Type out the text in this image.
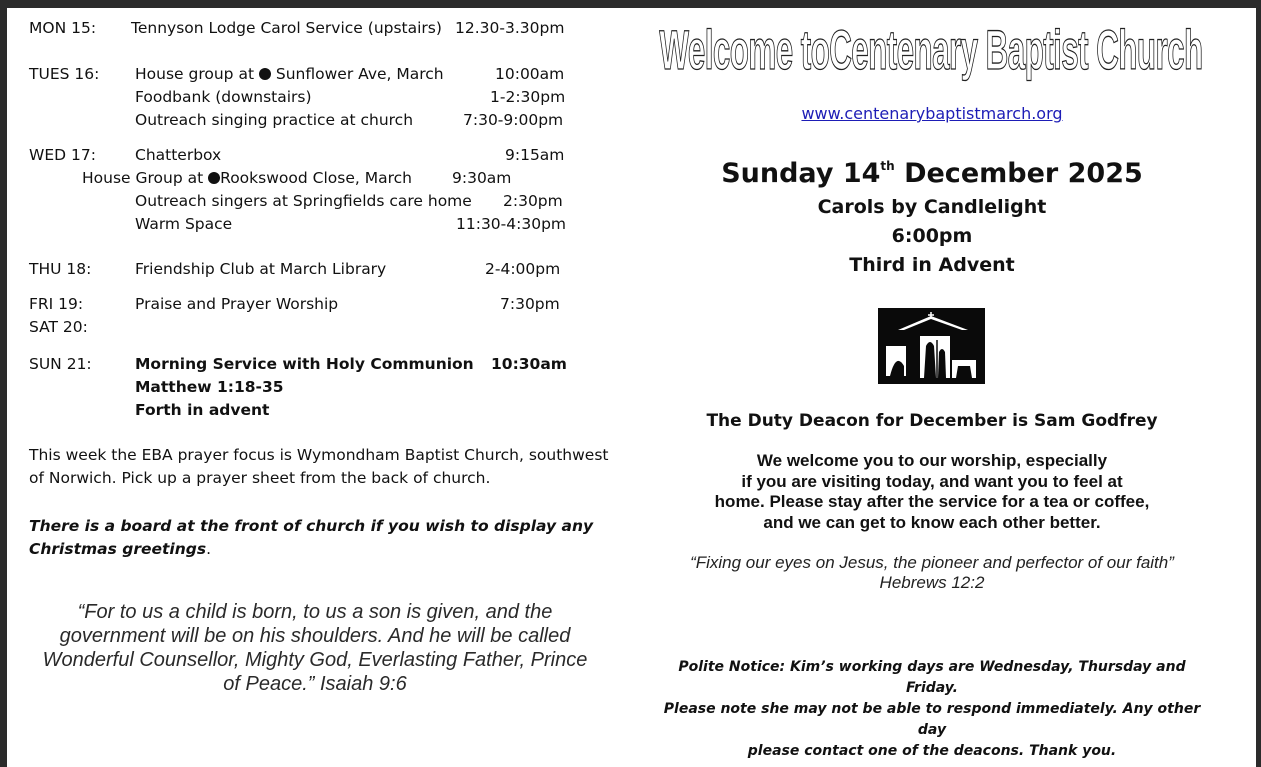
MON 15: Tennyson Lodge Carol Service (upstairs) 12.30-3.30pm
TUES 16: House group at  Sunflower Ave, March	10:00am
Foodbank (downstairs)	1-2:30pm
Outreach singing practice at church	7:30-9:00pm
WED 17:	Chatterbox	9:15am
House Group at Rookswood Close, March	9:30am
Outreach singers at Springfields care home 2:30pm
Warm Space	11:30-4:30pm
THU 18:	Friendship Club at March Library	2-4:00pm
FRI 19:	Praise and Prayer Worship	7:30pm
SAT 20:
SUN 21:	Morning Service with Holy Communion 10:30am
Matthew 1:18-35
Forth in advent
This week the EBA prayer focus is Wymondham Baptist Church, southwest
of Norwich. Pick up a prayer sheet from the back of church.
There is a board at the front of church if you wish to display any
Christmas greetings.
“For to us a child is born, to us a son is given, and the
government will be on his shoulders. And he will be called
Wonderful Counsellor, Mighty God, Everlasting Father, Prince
of Peace.” Isaiah 9:6
Welcome toCentenary Baptist Church
www.centenarybaptistmarch.org
Sunday 14th December 2025
Carols by Candlelight
6:00pm
Third in Advent
The Duty Deacon for December is Sam Godfrey
We welcome you to our worship, especially
if you are visiting today, and want you to feel at
home. Please stay after the service for a tea or coffee,
and we can get to know each other better.
“Fixing our eyes on Jesus, the pioneer and perfector of our faith”
Hebrews 12:2
Polite Notice: Kim’s working days are Wednesday, Thursday and Friday.
Please note she may not be able to respond immediately. Any other day
please contact one of the deacons. Thank you.
